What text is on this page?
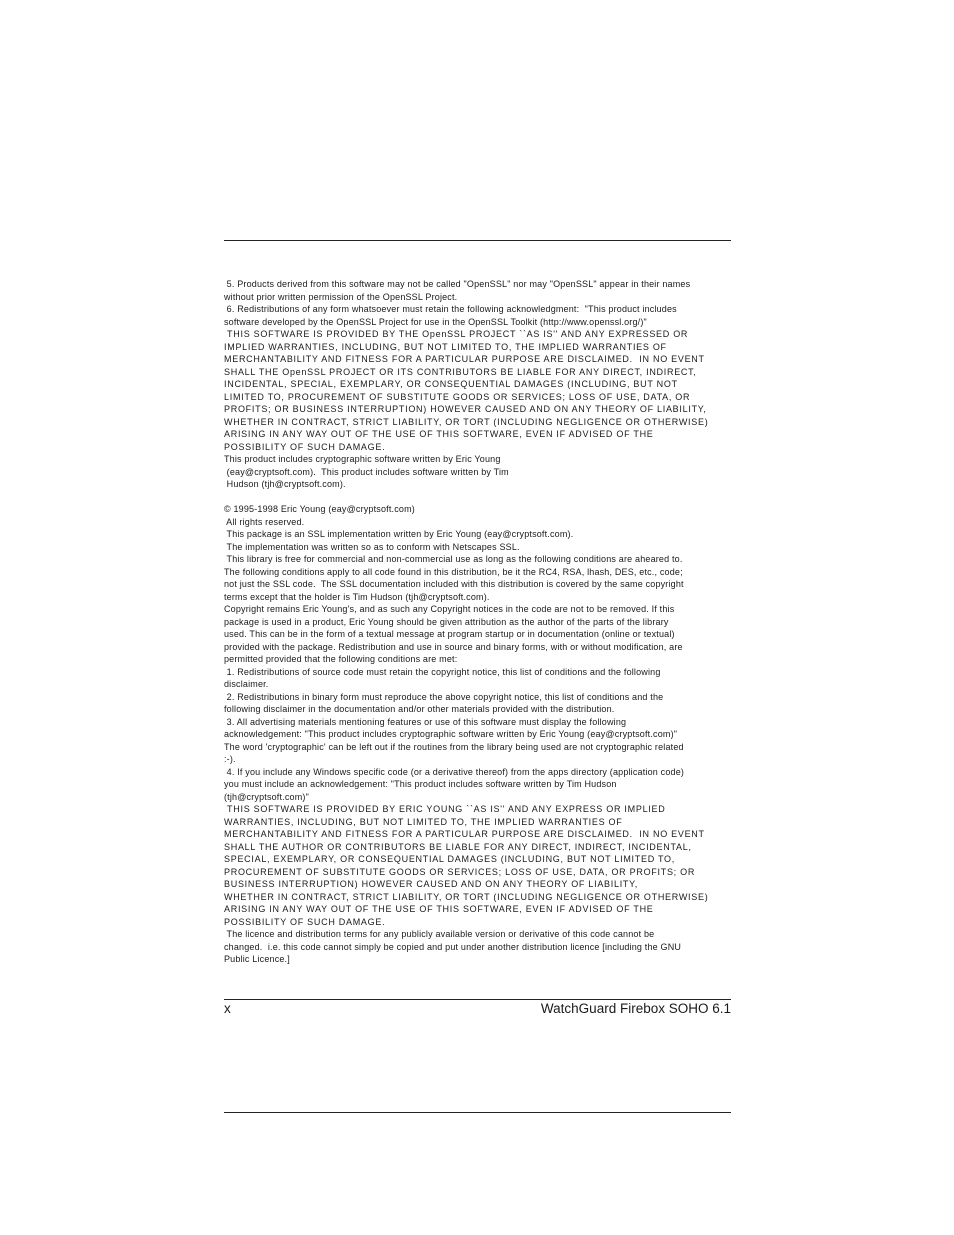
5. Products derived from this software may not be called "OpenSSL" nor may "OpenSSL" appear in their names
without prior written permission of the OpenSSL Project.
6. Redistributions of any form whatsoever must retain the following acknowledgment:  "This product includes
software developed by the OpenSSL Project for use in the OpenSSL Toolkit (http://www.openssl.org/)"
THIS SOFTWARE IS PROVIDED BY THE OpenSSL PROJECT ``AS IS'' AND ANY EXPRESSED OR
IMPLIED WARRANTIES, INCLUDING, BUT NOT LIMITED TO, THE IMPLIED WARRANTIES OF
MERCHANTABILITY AND FITNESS FOR A PARTICULAR PURPOSE ARE DISCLAIMED.  IN NO EVENT
SHALL THE OpenSSL PROJECT OR ITS CONTRIBUTORS BE LIABLE FOR ANY DIRECT, INDIRECT,
INCIDENTAL, SPECIAL, EXEMPLARY, OR CONSEQUENTIAL DAMAGES (INCLUDING, BUT NOT
LIMITED TO, PROCUREMENT OF SUBSTITUTE GOODS OR SERVICES; LOSS OF USE, DATA, OR
PROFITS; OR BUSINESS INTERRUPTION) HOWEVER CAUSED AND ON ANY THEORY OF LIABILITY,
WHETHER IN CONTRACT, STRICT LIABILITY, OR TORT (INCLUDING NEGLIGENCE OR OTHERWISE)
ARISING IN ANY WAY OUT OF THE USE OF THIS SOFTWARE, EVEN IF ADVISED OF THE
POSSIBILITY OF SUCH DAMAGE.
This product includes cryptographic software written by Eric Young
(eay@cryptsoft.com).  This product includes software written by Tim
Hudson (tjh@cryptsoft.com).
© 1995-1998 Eric Young (eay@cryptsoft.com)
All rights reserved.
This package is an SSL implementation written by Eric Young (eay@cryptsoft.com).
The implementation was written so as to conform with Netscapes SSL.
This library is free for commercial and non-commercial use as long as the following conditions are aheared to.
The following conditions apply to all code found in this distribution, be it the RC4, RSA, lhash, DES, etc., code;
not just the SSL code.  The SSL documentation included with this distribution is covered by the same copyright
terms except that the holder is Tim Hudson (tjh@cryptsoft.com).
Copyright remains Eric Young's, and as such any Copyright notices in the code are not to be removed. If this
package is used in a product, Eric Young should be given attribution as the author of the parts of the library
used. This can be in the form of a textual message at program startup or in documentation (online or textual)
provided with the package. Redistribution and use in source and binary forms, with or without modification, are
permitted provided that the following conditions are met:
1. Redistributions of source code must retain the copyright notice, this list of conditions and the following
disclaimer.
2. Redistributions in binary form must reproduce the above copyright notice, this list of conditions and the
following disclaimer in the documentation and/or other materials provided with the distribution.
3. All advertising materials mentioning features or use of this software must display the following
acknowledgement: "This product includes cryptographic software written by Eric Young (eay@cryptsoft.com)"
The word 'cryptographic' can be left out if the routines from the library being used are not cryptographic related
:-).
4. If you include any Windows specific code (or a derivative thereof) from the apps directory (application code)
you must include an acknowledgement: "This product includes software written by Tim Hudson
(tjh@cryptsoft.com)"
THIS SOFTWARE IS PROVIDED BY ERIC YOUNG ``AS IS'' AND ANY EXPRESS OR IMPLIED
WARRANTIES, INCLUDING, BUT NOT LIMITED TO, THE IMPLIED WARRANTIES OF
MERCHANTABILITY AND FITNESS FOR A PARTICULAR PURPOSE ARE DISCLAIMED.  IN NO EVENT
SHALL THE AUTHOR OR CONTRIBUTORS BE LIABLE FOR ANY DIRECT, INDIRECT, INCIDENTAL,
SPECIAL, EXEMPLARY, OR CONSEQUENTIAL DAMAGES (INCLUDING, BUT NOT LIMITED TO,
PROCUREMENT OF SUBSTITUTE GOODS OR SERVICES; LOSS OF USE, DATA, OR PROFITS; OR
BUSINESS INTERRUPTION) HOWEVER CAUSED AND ON ANY THEORY OF LIABILITY,
WHETHER IN CONTRACT, STRICT LIABILITY, OR TORT (INCLUDING NEGLIGENCE OR OTHERWISE)
ARISING IN ANY WAY OUT OF THE USE OF THIS SOFTWARE, EVEN IF ADVISED OF THE
POSSIBILITY OF SUCH DAMAGE.
The licence and distribution terms for any publicly available version or derivative of this code cannot be
changed.  i.e. this code cannot simply be copied and put under another distribution licence [including the GNU
Public Licence.]
x	WatchGuard Firebox SOHO 6.1
